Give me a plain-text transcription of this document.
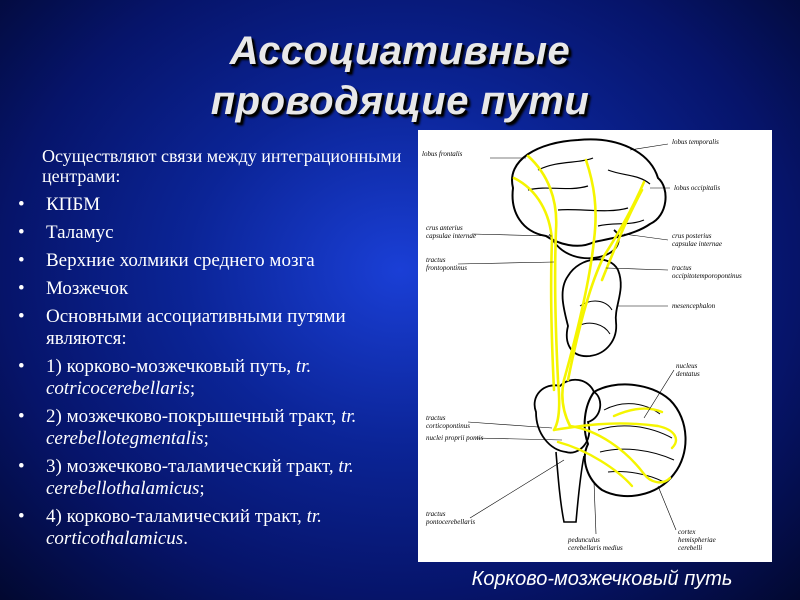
Ассоциативные
проводящие пути

Осуществляют связи между интеграционными центрами:

• КПБМ
• Таламус
• Верхние холмики среднего мозга
• Мозжечок
• Основными ассоциативными путями являются:
• 1) корково-мозжечковый путь, tr. cotricocerebellaris;
• 2) мозжечково-покрышечный тракт, tr. cerebellotegmentalis;
• 3) мозжечково-таламический тракт, tr. cerebellothalamicus;
• 4) корково-таламический тракт, tr. corticothalamicus.
lobus frontalis
lobus temporalis
lobus occipitalis
crus anterius
capsulae internae	crus posterius
capsulae internae
tractus
frontopontinus	tractus
occipitotemporopontinus
mesencephalon
nucleus
dentatus
tractus
corticopontinus
nuclei proprii pontis
tractus
pontocerebellaris
pedunculus
cerebellaris medius
cortex
hemispheriae
cerebelli
Корково-мозжечковый путь
